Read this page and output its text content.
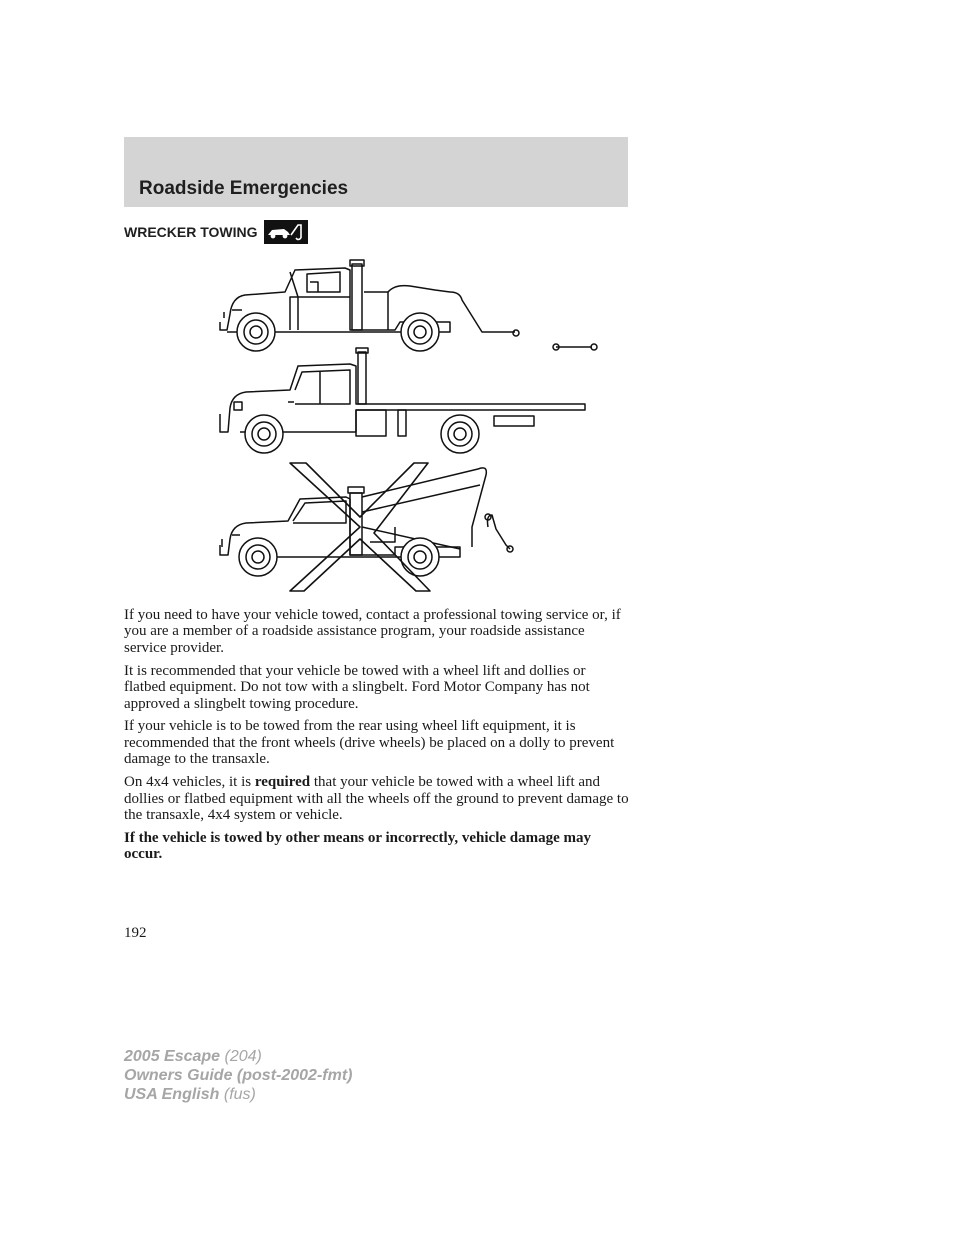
Roadside Emergencies
WRECKER TOWING

If you need to have your vehicle towed, contact a professional towing service or, if you are a member of a roadside assistance program, your roadside assistance service provider.

It is recommended that your vehicle be towed with a wheel lift and dollies or flatbed equipment. Do not tow with a slingbelt. Ford Motor Company has not approved a slingbelt towing procedure.

If your vehicle is to be towed from the rear using wheel lift equipment, it is recommended that the front wheels (drive wheels) be placed on a dolly to prevent damage to the transaxle.

On 4x4 vehicles, it is required that your vehicle be towed with a wheel lift and dollies or flatbed equipment with all the wheels off the ground to prevent damage to the transaxle, 4x4 system or vehicle.

If the vehicle is towed by other means or incorrectly, vehicle damage may occur.

192
2005 Escape (204)
Owners Guide (post-2002-fmt)
USA English (fus)
